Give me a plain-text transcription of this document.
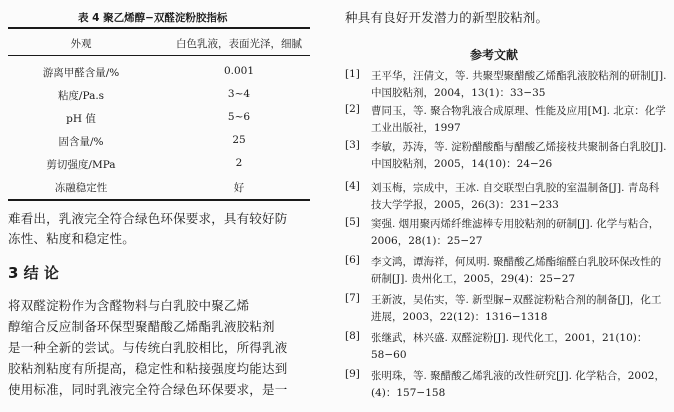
表 4 聚乙烯醇−双醛淀粉胶指标
外观	白色乳液，表面光泽，细腻
游离甲醛含量/%	0.001
粘度/Pa.s	3~4
pH 值	5~6
固含量/%	25
剪切强度/MPa	2
冻融稳定性	好
难看出，乳液完全符合绿色环保要求，具有较好防
冻性、粘度和稳定性。
3 结 论
将双醛淀粉作为含醛物料与白乳胶中聚乙烯
醇缩合反应制备环保型聚醋酸乙烯酯乳液胶粘剂
是一种全新的尝试。与传统白乳胶相比，所得乳液
胶粘剂粘度有所提高，稳定性和粘接强度均能达到
使用标准，同时乳液完全符合绿色环保要求，是一
种具有良好开发潜力的新型胶粘剂。
参考文献
[1]	王平华，汪倩文，等. 共聚型聚醋酸乙烯酯乳液胶粘剂的研制[J]. 中国胶粘剂，2004，13(1)：33−35
[2]	曹同玉，等. 聚合物乳液合成原理、性能及应用[M]. 北京：化学工业出版社，1997
[3]	李敏，苏涛，等. 淀粉醋酸酯与醋酸乙烯接枝共聚制备白乳胶[J]. 中国胶粘剂，2005，14(10)：24−26
[4]	刘玉梅，宗成中，王冰. 自交联型白乳胶的室温制备[J]. 青岛科技大学学报，2005，26(3)：231−233
[5]	窦强. 烟用聚丙烯纤维滤棒专用胶粘剂的研制[J]. 化学与粘合，2006，28(1)：25−27
[6]	李文鸿，谭海祥，何凤明. 聚醋酸乙烯酯缩醛白乳胶环保改性的研制[J]. 贵州化工，2005，29(4)：25−27
[7]	王新波，吴佑实，等. 新型脲−双醛淀粉粘合剂的制备[J]，化工进展，2003，22(12)：1316−1318
[8]	张继武，林兴盛. 双醛淀粉[J]. 现代化工，2001，21(10)：58−60
[9]	张明珠，等. 聚醋酸乙烯乳液的改性研究[J]. 化学粘合，2002，(4)：157−158
